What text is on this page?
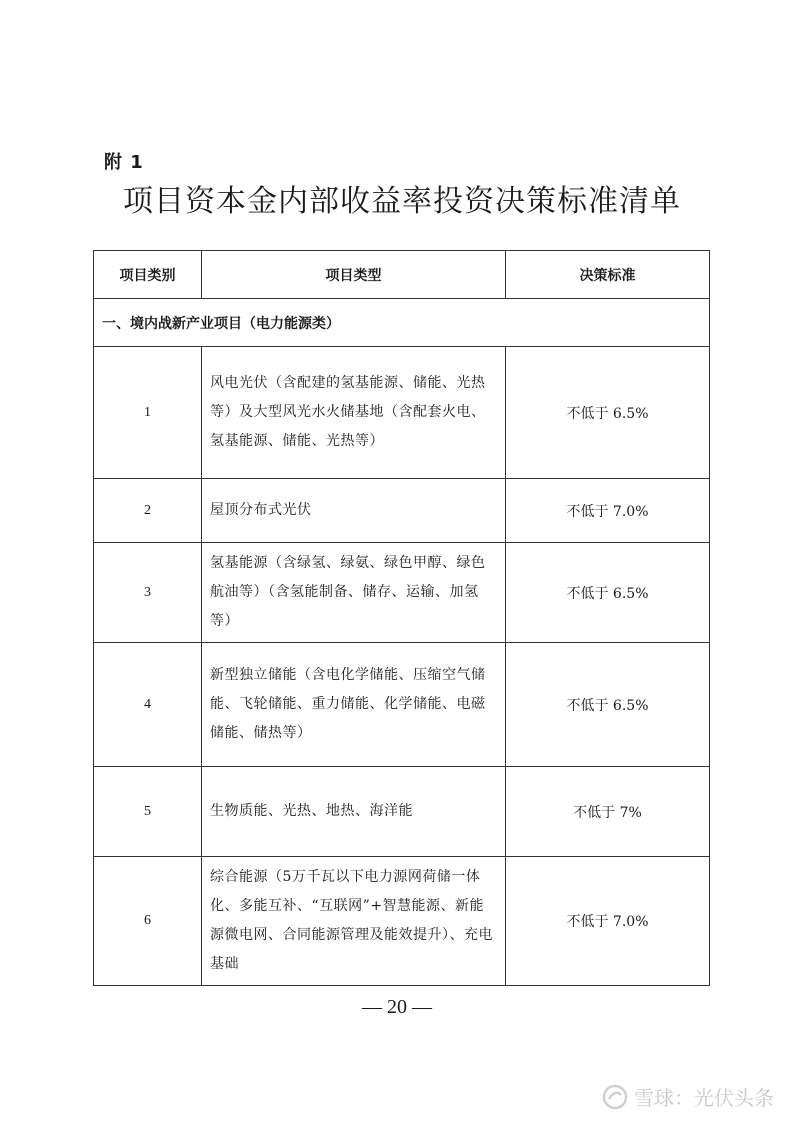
附 1
项目资本金内部收益率投资决策标准清单
项目类别	项目类型	决策标准
一、境内战新产业项目（电力能源类）		
1	风电光伏（含配建的氢基能源、储能、光热等）及大型风光水火储基地（含配套火电、氢基能源、储能、光热等）	不低于 6.5%
2	屋顶分布式光伏	不低于 7.0%
3	氢基能源（含绿氢、绿氨、绿色甲醇、绿色航油等）（含氢能制备、储存、运输、加氢等）	不低于 6.5%
4	新型独立储能（含电化学储能、压缩空气储能、飞轮储能、重力储能、化学储能、电磁储能、储热等）	不低于 6.5%
5	生物质能、光热、地热、海洋能	不低于 7%
6	综合能源（5万千瓦以下电力源网荷储一体化、多能互补、“互联网”+智慧能源、新能源微电网、合同能源管理及能效提升）、充电基础	不低于 7.0%
— 20 —
雪球：光伏头条
